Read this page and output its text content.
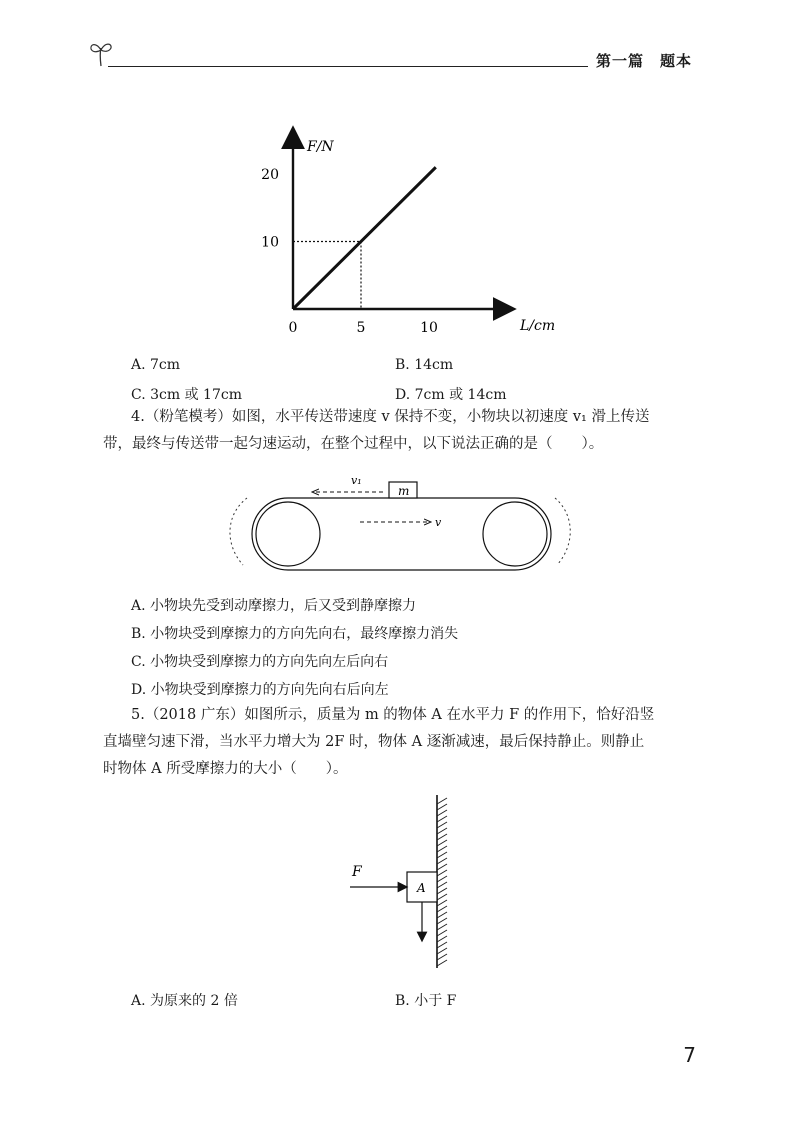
第一篇　题本
F/N
L/cm
0	5	10
10
20
A. 7cm	B. 14cm
C. 3cm 或 17cm	D. 7cm 或 14cm
4.（粉笔模考）如图，水平传送带速度 v 保持不变，小物块以初速度 v₁ 滑上传送
带，最终与传送带一起匀速运动，在整个过程中，以下说法正确的是（　　）。
m
v₁
v
A. 小物块先受到动摩擦力，后又受到静摩擦力
B. 小物块受到摩擦力的方向先向右，最终摩擦力消失
C. 小物块受到摩擦力的方向先向左后向右
D. 小物块受到摩擦力的方向先向右后向左
5.（2018 广东）如图所示，质量为 m 的物体 A 在水平力 F 的作用下，恰好沿竖
直墙壁匀速下滑，当水平力增大为 2F 时，物体 A 逐渐减速，最后保持静止。则静止
时物体 A 所受摩擦力的大小（　　）。
A
F
A. 为原来的 2 倍	B. 小于 F
7
